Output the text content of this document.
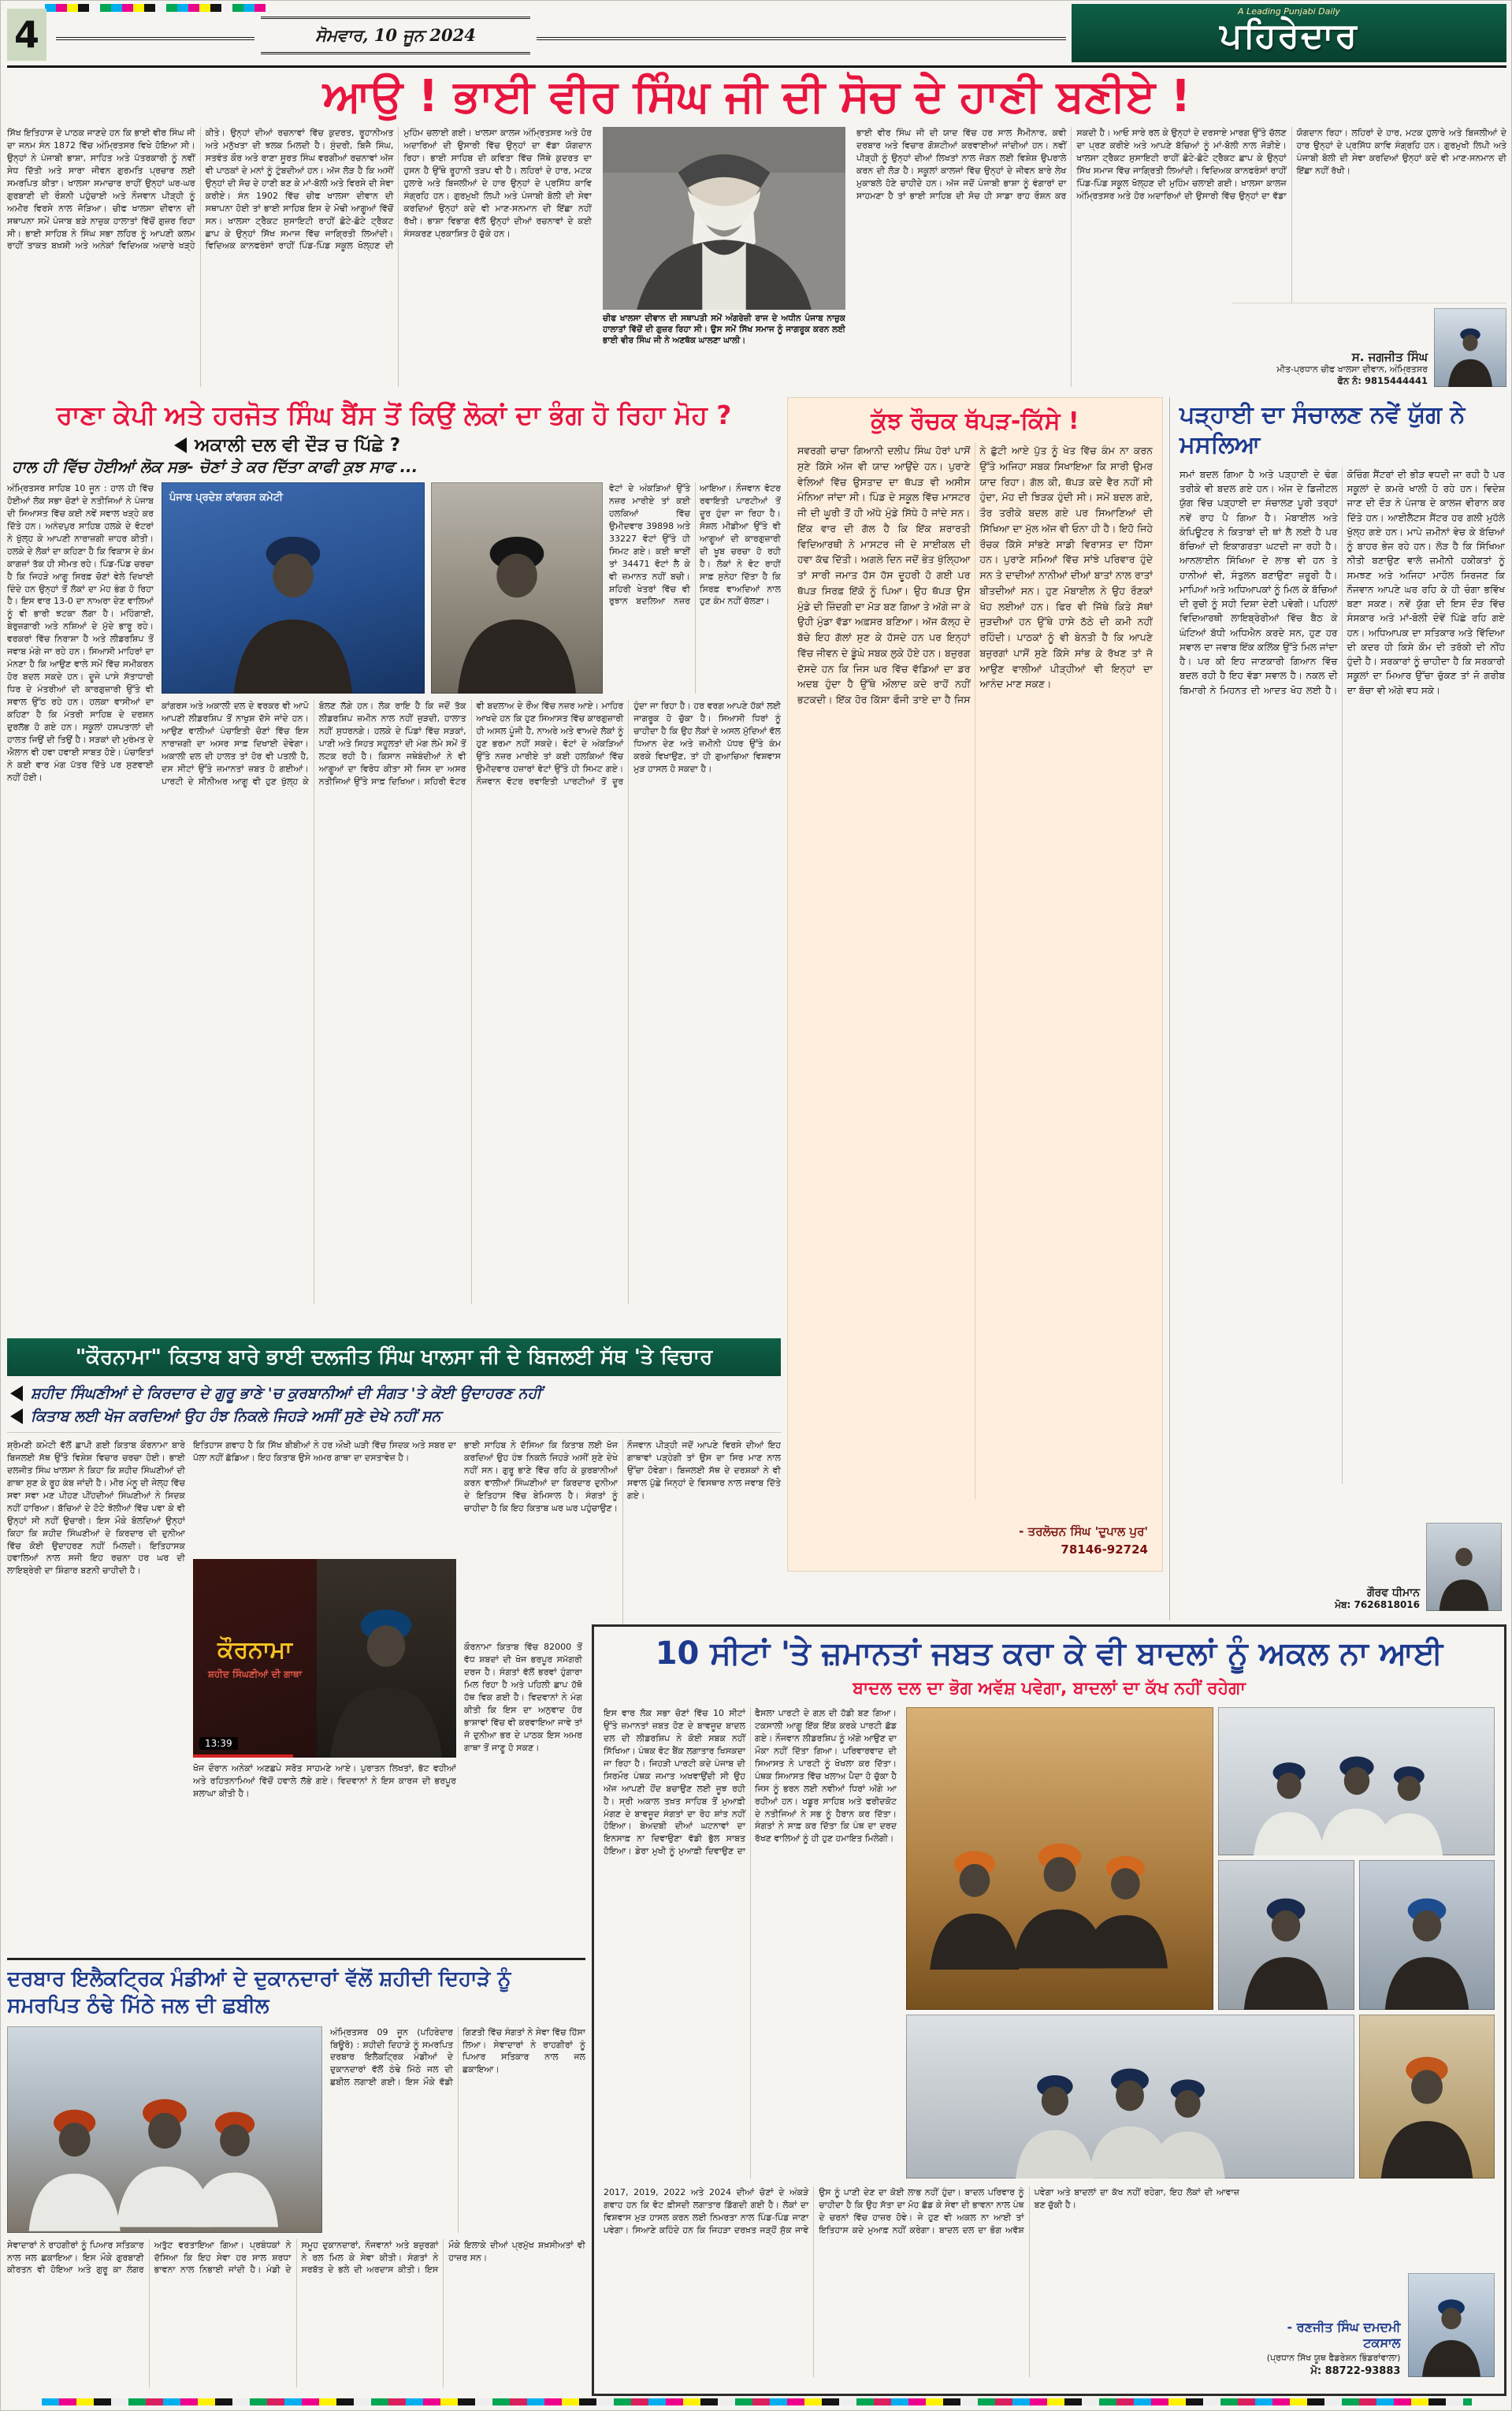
4	ਸੋਮਵਾਰ, 10 ਜੂਨ 2024
A Leading Punjabi Daily
ਪਹਿਰੇਦਾਰ
ਆਉ ! ਭਾਈ ਵੀਰ ਸਿੰਘ ਜੀ ਦੀ ਸੋਚ ਦੇ ਹਾਣੀ ਬਣੀਏ !
ਸਿੱਖ ਇਤਿਹਾਸ ਦੇ ਪਾਠਕ ਜਾਣਦੇ ਹਨ ਕਿ ਭਾਈ ਵੀਰ ਸਿੰਘ ਜੀ ਦਾ ਜਨਮ ਸੰਨ 1872 ਵਿੱਚ ਅੰਮ੍ਰਿਤਸਰ ਵਿਖੇ ਹੋਇਆ ਸੀ। ਉਨ੍ਹਾਂ ਨੇ ਪੰਜਾਬੀ ਭਾਸ਼ਾ, ਸਾਹਿਤ ਅਤੇ ਪੱਤਰਕਾਰੀ ਨੂੰ ਨਵੀਂ ਸੇਧ ਦਿੱਤੀ ਅਤੇ ਸਾਰਾ ਜੀਵਨ ਗੁਰਮਤਿ ਪ੍ਰਚਾਰ ਲਈ ਸਮਰਪਿਤ ਕੀਤਾ। ਖਾਲਸਾ ਸਮਾਚਾਰ ਰਾਹੀਂ ਉਨ੍ਹਾਂ ਘਰ-ਘਰ ਗੁਰਬਾਣੀ ਦੀ ਰੌਸ਼ਨੀ ਪਹੁੰਚਾਈ ਅਤੇ ਨੌਜਵਾਨ ਪੀੜ੍ਹੀ ਨੂੰ ਅਮੀਰ ਵਿਰਸੇ ਨਾਲ ਜੋੜਿਆ। ਚੀਫ ਖਾਲਸਾ ਦੀਵਾਨ ਦੀ ਸਥਾਪਨਾ ਸਮੇਂ ਪੰਜਾਬ ਬੜੇ ਨਾਜ਼ੁਕ ਹਾਲਾਤਾਂ ਵਿੱਚੋਂ ਗੁਜ਼ਰ ਰਿਹਾ ਸੀ। ਭਾਈ ਸਾਹਿਬ ਨੇ ਸਿੰਘ ਸਭਾ ਲਹਿਰ ਨੂੰ ਆਪਣੀ ਕਲਮ ਰਾਹੀਂ ਤਾਕਤ ਬਖ਼ਸ਼ੀ ਅਤੇ ਅਨੇਕਾਂ ਵਿਦਿਅਕ ਅਦਾਰੇ ਖੜ੍ਹੇ ਕੀਤੇ। ਉਨ੍ਹਾਂ ਦੀਆਂ ਰਚਨਾਵਾਂ ਵਿੱਚ ਕੁਦਰਤ, ਰੂਹਾਨੀਅਤ ਅਤੇ ਮਨੁੱਖਤਾ ਦੀ ਝਲਕ ਮਿਲਦੀ ਹੈ। ਸੁੰਦਰੀ, ਬਿਜੈ ਸਿੰਘ, ਸਤਵੰਤ ਕੌਰ ਅਤੇ ਰਾਣਾ ਸੂਰਤ ਸਿੰਘ ਵਰਗੀਆਂ ਰਚਨਾਵਾਂ ਅੱਜ ਵੀ ਪਾਠਕਾਂ ਦੇ ਮਨਾਂ ਨੂੰ ਟੁੰਬਦੀਆਂ ਹਨ। ਅੱਜ ਲੋੜ ਹੈ ਕਿ ਅਸੀਂ ਉਨ੍ਹਾਂ ਦੀ ਸੋਚ ਦੇ ਹਾਣੀ ਬਣ ਕੇ ਮਾਂ-ਬੋਲੀ ਅਤੇ ਵਿਰਸੇ ਦੀ ਸੇਵਾ ਕਰੀਏ। ਸੰਨ 1902 ਵਿੱਚ ਚੀਫ ਖਾਲਸਾ ਦੀਵਾਨ ਦੀ ਸਥਾਪਨਾ ਹੋਈ ਤਾਂ ਭਾਈ ਸਾਹਿਬ ਇਸ ਦੇ ਮੋਢੀ ਆਗੂਆਂ ਵਿੱਚੋਂ ਸਨ। ਖਾਲਸਾ ਟ੍ਰੈਕਟ ਸੁਸਾਇਟੀ ਰਾਹੀਂ ਛੋਟੇ-ਛੋਟੇ ਟ੍ਰੈਕਟ ਛਾਪ ਕੇ ਉਨ੍ਹਾਂ ਸਿੱਖ ਸਮਾਜ ਵਿੱਚ ਜਾਗ੍ਰਿਤੀ ਲਿਆਂਦੀ। ਵਿਦਿਅਕ ਕਾਨਫਰੰਸਾਂ ਰਾਹੀਂ ਪਿੰਡ-ਪਿੰਡ ਸਕੂਲ ਖੋਲ੍ਹਣ ਦੀ ਮੁਹਿੰਮ ਚਲਾਈ ਗਈ। ਖਾਲਸਾ ਕਾਲਜ ਅੰਮ੍ਰਿਤਸਰ ਅਤੇ ਹੋਰ ਅਦਾਰਿਆਂ ਦੀ ਉਸਾਰੀ ਵਿੱਚ ਉਨ੍ਹਾਂ ਦਾ ਵੱਡਾ ਯੋਗਦਾਨ ਰਿਹਾ। ਭਾਈ ਸਾਹਿਬ ਦੀ ਕਵਿਤਾ ਵਿੱਚ ਜਿੱਥੇ ਕੁਦਰਤ ਦਾ ਹੁਸਨ ਹੈ ਉੱਥੇ ਰੂਹਾਨੀ ਤੜਪ ਵੀ ਹੈ। ਲਹਿਰਾਂ ਦੇ ਹਾਰ, ਮਟਕ ਹੁਲਾਰੇ ਅਤੇ ਬਿਜਲੀਆਂ ਦੇ ਹਾਰ ਉਨ੍ਹਾਂ ਦੇ ਪ੍ਰਸਿੱਧ ਕਾਵਿ ਸੰਗ੍ਰਹਿ ਹਨ। ਗੁਰਮੁਖੀ ਲਿਪੀ ਅਤੇ ਪੰਜਾਬੀ ਬੋਲੀ ਦੀ ਸੇਵਾ ਕਰਦਿਆਂ ਉਨ੍ਹਾਂ ਕਦੇ ਵੀ ਮਾਣ-ਸਨਮਾਨ ਦੀ ਇੱਛਾ ਨਹੀਂ ਰੱਖੀ। ਭਾਸ਼ਾ ਵਿਭਾਗ ਵੱਲੋਂ ਉਨ੍ਹਾਂ ਦੀਆਂ ਰਚਨਾਵਾਂ ਦੇ ਕਈ ਸੰਸਕਰਣ ਪ੍ਰਕਾਸ਼ਿਤ ਹੋ ਚੁੱਕੇ ਹਨ।
ਚੀਫ ਖਾਲਸਾ ਦੀਵਾਨ ਦੀ ਸਥਾਪਤੀ ਸਮੇਂ ਅੰਗਰੇਜ਼ੀ ਰਾਜ ਦੇ ਅਧੀਨ ਪੰਜਾਬ ਨਾਜ਼ੁਕ ਹਾਲਾਤਾਂ ਵਿੱਚੋਂ ਦੀ ਗੁਜ਼ਰ ਰਿਹਾ ਸੀ। ਉਸ ਸਮੇਂ ਸਿੱਖ ਸਮਾਜ ਨੂੰ ਜਾਗਰੂਕ ਕਰਨ ਲਈ ਭਾਈ ਵੀਰ ਸਿੰਘ ਜੀ ਨੇ ਅਣਥੱਕ ਘਾਲਣਾ ਘਾਲੀ।
ਭਾਈ ਵੀਰ ਸਿੰਘ ਜੀ ਦੀ ਯਾਦ ਵਿੱਚ ਹਰ ਸਾਲ ਸੈਮੀਨਾਰ, ਕਵੀ ਦਰਬਾਰ ਅਤੇ ਵਿਚਾਰ ਗੋਸ਼ਟੀਆਂ ਕਰਵਾਈਆਂ ਜਾਂਦੀਆਂ ਹਨ। ਨਵੀਂ ਪੀੜ੍ਹੀ ਨੂੰ ਉਨ੍ਹਾਂ ਦੀਆਂ ਲਿਖਤਾਂ ਨਾਲ ਜੋੜਨ ਲਈ ਵਿਸ਼ੇਸ਼ ਉਪਰਾਲੇ ਕਰਨ ਦੀ ਲੋੜ ਹੈ। ਸਕੂਲਾਂ ਕਾਲਜਾਂ ਵਿੱਚ ਉਨ੍ਹਾਂ ਦੇ ਜੀਵਨ ਬਾਰੇ ਲੇਖ ਮੁਕਾਬਲੇ ਹੋਣੇ ਚਾਹੀਦੇ ਹਨ। ਅੱਜ ਜਦੋਂ ਪੰਜਾਬੀ ਭਾਸ਼ਾ ਨੂੰ ਵੰਗਾਰਾਂ ਦਾ ਸਾਹਮਣਾ ਹੈ ਤਾਂ ਭਾਈ ਸਾਹਿਬ ਦੀ ਸੋਚ ਹੀ ਸਾਡਾ ਰਾਹ ਰੌਸ਼ਨ ਕਰ ਸਕਦੀ ਹੈ। ਆਓ ਸਾਰੇ ਰਲ ਕੇ ਉਨ੍ਹਾਂ ਦੇ ਦਰਸਾਏ ਮਾਰਗ ਉੱਤੇ ਚੱਲਣ ਦਾ ਪ੍ਰਣ ਕਰੀਏ ਅਤੇ ਆਪਣੇ ਬੱਚਿਆਂ ਨੂੰ ਮਾਂ-ਬੋਲੀ ਨਾਲ ਜੋੜੀਏ। ਖਾਲਸਾ ਟ੍ਰੈਕਟ ਸੁਸਾਇਟੀ ਰਾਹੀਂ ਛੋਟੇ-ਛੋਟੇ ਟ੍ਰੈਕਟ ਛਾਪ ਕੇ ਉਨ੍ਹਾਂ ਸਿੱਖ ਸਮਾਜ ਵਿੱਚ ਜਾਗ੍ਰਿਤੀ ਲਿਆਂਦੀ। ਵਿਦਿਅਕ ਕਾਨਫਰੰਸਾਂ ਰਾਹੀਂ ਪਿੰਡ-ਪਿੰਡ ਸਕੂਲ ਖੋਲ੍ਹਣ ਦੀ ਮੁਹਿੰਮ ਚਲਾਈ ਗਈ। ਖਾਲਸਾ ਕਾਲਜ ਅੰਮ੍ਰਿਤਸਰ ਅਤੇ ਹੋਰ ਅਦਾਰਿਆਂ ਦੀ ਉਸਾਰੀ ਵਿੱਚ ਉਨ੍ਹਾਂ ਦਾ ਵੱਡਾ ਯੋਗਦਾਨ ਰਿਹਾ। ਲਹਿਰਾਂ ਦੇ ਹਾਰ, ਮਟਕ ਹੁਲਾਰੇ ਅਤੇ ਬਿਜਲੀਆਂ ਦੇ ਹਾਰ ਉਨ੍ਹਾਂ ਦੇ ਪ੍ਰਸਿੱਧ ਕਾਵਿ ਸੰਗ੍ਰਹਿ ਹਨ। ਗੁਰਮੁਖੀ ਲਿਪੀ ਅਤੇ ਪੰਜਾਬੀ ਬੋਲੀ ਦੀ ਸੇਵਾ ਕਰਦਿਆਂ ਉਨ੍ਹਾਂ ਕਦੇ ਵੀ ਮਾਣ-ਸਨਮਾਨ ਦੀ ਇੱਛਾ ਨਹੀਂ ਰੱਖੀ।
ਸ. ਜਗਜੀਤ ਸਿੰਘ
ਮੀਤ-ਪ੍ਰਧਾਨ ਚੀਫ ਖਾਲਸਾ ਦੀਵਾਨ, ਅੰਮ੍ਰਿਤਸਰ
ਫੋਨ ਨੰ: 9815444441
ਰਾਣਾ ਕੇਪੀ ਅਤੇ ਹਰਜੋਤ ਸਿੰਘ ਬੈਂਸ ਤੋਂ ਕਿਉਂ ਲੋਕਾਂ ਦਾ ਭੰਗ ਹੋ ਰਿਹਾ ਮੋਹ ?
ਅਕਾਲੀ ਦਲ ਵੀ ਦੌੜ ਚ ਪਿੱਛੇ ?
ਹਾਲ ਹੀ ਵਿੱਚ ਹੋਈਆਂ ਲੋਕ ਸਭ- ਚੋਣਾਂ ਤੇ ਕਰ ਦਿੱਤਾ ਕਾਫੀ ਕੁਝ ਸਾਫ ...
ਅੰਮ੍ਰਿਤਸਰ ਸਾਹਿਬ 10 ਜੂਨ : ਹਾਲ ਹੀ ਵਿੱਚ ਹੋਈਆਂ ਲੋਕ ਸਭਾ ਚੋਣਾਂ ਦੇ ਨਤੀਜਿਆਂ ਨੇ ਪੰਜਾਬ ਦੀ ਸਿਆਸਤ ਵਿੱਚ ਕਈ ਨਵੇਂ ਸਵਾਲ ਖੜ੍ਹੇ ਕਰ ਦਿੱਤੇ ਹਨ। ਅਨੰਦਪੁਰ ਸਾਹਿਬ ਹਲਕੇ ਦੇ ਵੋਟਰਾਂ ਨੇ ਖੁੱਲ੍ਹ ਕੇ ਆਪਣੀ ਨਾਰਾਜ਼ਗੀ ਜ਼ਾਹਰ ਕੀਤੀ। ਹਲਕੇ ਦੇ ਲੋਕਾਂ ਦਾ ਕਹਿਣਾ ਹੈ ਕਿ ਵਿਕਾਸ ਦੇ ਕੰਮ ਕਾਗਜ਼ਾਂ ਤੱਕ ਹੀ ਸੀਮਤ ਰਹੇ। ਪਿੰਡ-ਪਿੰਡ ਚਰਚਾ ਹੈ ਕਿ ਜਿਹੜੇ ਆਗੂ ਸਿਰਫ਼ ਚੋਣਾਂ ਵੇਲੇ ਦਿਖਾਈ ਦਿੰਦੇ ਹਨ ਉਨ੍ਹਾਂ ਤੋਂ ਲੋਕਾਂ ਦਾ ਮੋਹ ਭੰਗ ਹੋ ਰਿਹਾ ਹੈ। ਇਸ ਵਾਰ 13-0 ਦਾ ਨਾਅਰਾ ਦੇਣ ਵਾਲਿਆਂ ਨੂੰ ਵੀ ਭਾਰੀ ਝਟਕਾ ਲੱਗਾ ਹੈ। ਮਹਿੰਗਾਈ, ਬੇਰੁਜ਼ਗਾਰੀ ਅਤੇ ਨਸ਼ਿਆਂ ਦੇ ਮੁੱਦੇ ਭਾਰੂ ਰਹੇ। ਵਰਕਰਾਂ ਵਿੱਚ ਨਿਰਾਸ਼ਾ ਹੈ ਅਤੇ ਲੀਡਰਸ਼ਿਪ ਤੋਂ ਜਵਾਬ ਮੰਗੇ ਜਾ ਰਹੇ ਹਨ। ਸਿਆਸੀ ਮਾਹਿਰਾਂ ਦਾ ਮੰਨਣਾ ਹੈ ਕਿ ਆਉਣ ਵਾਲੇ ਸਮੇਂ ਵਿੱਚ ਸਮੀਕਰਨ ਹੋਰ ਬਦਲ ਸਕਦੇ ਹਨ। ਦੂਜੇ ਪਾਸੇ ਸੱਤਾਧਾਰੀ ਧਿਰ ਦੇ ਮੰਤਰੀਆਂ ਦੀ ਕਾਰਗੁਜ਼ਾਰੀ ਉੱਤੇ ਵੀ ਸਵਾਲ ਉੱਠ ਰਹੇ ਹਨ। ਹਲਕਾ ਵਾਸੀਆਂ ਦਾ ਕਹਿਣਾ ਹੈ ਕਿ ਮੰਤਰੀ ਸਾਹਿਬ ਦੇ ਦਰਸ਼ਨ ਦੁਰਲੱਭ ਹੋ ਗਏ ਹਨ। ਸਕੂਲਾਂ ਹਸਪਤਾਲਾਂ ਦੀ ਹਾਲਤ ਜਿਉਂ ਦੀ ਤਿਉਂ ਹੈ। ਸੜਕਾਂ ਦੀ ਮੁਰੰਮਤ ਦੇ ਐਲਾਨ ਵੀ ਹਵਾ ਹਵਾਈ ਸਾਬਤ ਹੋਏ। ਪੰਚਾਇਤਾਂ ਨੇ ਕਈ ਵਾਰ ਮੰਗ ਪੱਤਰ ਦਿੱਤੇ ਪਰ ਸੁਣਵਾਈ ਨਹੀਂ ਹੋਈ।
ਪੰਜਾਬ ਪ੍ਰਦੇਸ਼ ਕਾਂਗਰਸ ਕਮੇਟੀ
ਵੋਟਾਂ ਦੇ ਅੰਕੜਿਆਂ ਉੱਤੇ ਨਜ਼ਰ ਮਾਰੀਏ ਤਾਂ ਕਈ ਹਲਕਿਆਂ ਵਿੱਚ ਉਮੀਦਵਾਰ 39898 ਅਤੇ 33227 ਵੋਟਾਂ ਉੱਤੇ ਹੀ ਸਿਮਟ ਗਏ। ਕਈ ਥਾਈਂ ਤਾਂ 34471 ਵੋਟਾਂ ਲੈ ਕੇ ਵੀ ਜ਼ਮਾਨਤ ਨਹੀਂ ਬਚੀ। ਸ਼ਹਿਰੀ ਖੇਤਰਾਂ ਵਿੱਚ ਵੀ ਰੁਝਾਨ ਬਦਲਿਆ ਨਜ਼ਰ ਆਇਆ। ਨੌਜਵਾਨ ਵੋਟਰ ਰਵਾਇਤੀ ਪਾਰਟੀਆਂ ਤੋਂ ਦੂਰ ਹੁੰਦਾ ਜਾ ਰਿਹਾ ਹੈ। ਸੋਸ਼ਲ ਮੀਡੀਆ ਉੱਤੇ ਵੀ ਆਗੂਆਂ ਦੀ ਕਾਰਗੁਜ਼ਾਰੀ ਦੀ ਖੂਬ ਚਰਚਾ ਹੋ ਰਹੀ ਹੈ। ਲੋਕਾਂ ਨੇ ਵੋਟ ਰਾਹੀਂ ਸਾਫ਼ ਸੁਨੇਹਾ ਦਿੱਤਾ ਹੈ ਕਿ ਸਿਰਫ਼ ਵਾਅਦਿਆਂ ਨਾਲ ਹੁਣ ਕੰਮ ਨਹੀਂ ਚੱਲਣਾ।
ਕਾਂਗਰਸ ਅਤੇ ਅਕਾਲੀ ਦਲ ਦੇ ਵਰਕਰ ਵੀ ਆਪੋ ਆਪਣੀ ਲੀਡਰਸ਼ਿਪ ਤੋਂ ਨਾਖੁਸ਼ ਦੱਸੇ ਜਾਂਦੇ ਹਨ। ਆਉਣ ਵਾਲੀਆਂ ਪੰਚਾਇਤੀ ਚੋਣਾਂ ਵਿੱਚ ਇਸ ਨਾਰਾਜ਼ਗੀ ਦਾ ਅਸਰ ਸਾਫ਼ ਦਿਖਾਈ ਦੇਵੇਗਾ। ਅਕਾਲੀ ਦਲ ਦੀ ਹਾਲਤ ਤਾਂ ਹੋਰ ਵੀ ਪਤਲੀ ਹੈ, ਦਸ ਸੀਟਾਂ ਉੱਤੇ ਜ਼ਮਾਨਤਾਂ ਜ਼ਬਤ ਹੋ ਗਈਆਂ। ਪਾਰਟੀ ਦੇ ਸੀਨੀਅਰ ਆਗੂ ਵੀ ਹੁਣ ਖੁੱਲ੍ਹ ਕੇ ਬੋਲਣ ਲੱਗੇ ਹਨ। ਲੋਕ ਰਾਇ ਹੈ ਕਿ ਜਦੋਂ ਤੱਕ ਲੀਡਰਸ਼ਿਪ ਜ਼ਮੀਨ ਨਾਲ ਨਹੀਂ ਜੁੜਦੀ, ਹਾਲਾਤ ਨਹੀਂ ਸੁਧਰਨਗੇ। ਹਲਕੇ ਦੇ ਪਿੰਡਾਂ ਵਿੱਚ ਸੜਕਾਂ, ਪਾਣੀ ਅਤੇ ਸਿਹਤ ਸਹੂਲਤਾਂ ਦੀ ਮੰਗ ਲੰਮੇ ਸਮੇਂ ਤੋਂ ਲਟਕ ਰਹੀ ਹੈ। ਕਿਸਾਨ ਜਥੇਬੰਦੀਆਂ ਨੇ ਵੀ ਆਗੂਆਂ ਦਾ ਵਿਰੋਧ ਕੀਤਾ ਸੀ ਜਿਸ ਦਾ ਅਸਰ ਨਤੀਜਿਆਂ ਉੱਤੇ ਸਾਫ਼ ਦਿਖਿਆ। ਸ਼ਹਿਰੀ ਵੋਟਰ ਵੀ ਬਦਲਾਅ ਦੇ ਰੌਂਅ ਵਿੱਚ ਨਜ਼ਰ ਆਏ। ਮਾਹਿਰ ਆਖਦੇ ਹਨ ਕਿ ਹੁਣ ਸਿਆਸਤ ਵਿੱਚ ਕਾਰਗੁਜ਼ਾਰੀ ਹੀ ਅਸਲ ਪੂੰਜੀ ਹੈ, ਨਾਅਰੇ ਅਤੇ ਵਾਅਦੇ ਲੋਕਾਂ ਨੂੰ ਹੁਣ ਭਰਮਾ ਨਹੀਂ ਸਕਦੇ। ਵੋਟਾਂ ਦੇ ਅੰਕੜਿਆਂ ਉੱਤੇ ਨਜ਼ਰ ਮਾਰੀਏ ਤਾਂ ਕਈ ਹਲਕਿਆਂ ਵਿੱਚ ਉਮੀਦਵਾਰ ਹਜ਼ਾਰਾਂ ਵੋਟਾਂ ਉੱਤੇ ਹੀ ਸਿਮਟ ਗਏ। ਨੌਜਵਾਨ ਵੋਟਰ ਰਵਾਇਤੀ ਪਾਰਟੀਆਂ ਤੋਂ ਦੂਰ ਹੁੰਦਾ ਜਾ ਰਿਹਾ ਹੈ। ਹਰ ਵਰਗ ਆਪਣੇ ਹੱਕਾਂ ਲਈ ਜਾਗਰੂਕ ਹੋ ਚੁੱਕਾ ਹੈ। ਸਿਆਸੀ ਧਿਰਾਂ ਨੂੰ ਚਾਹੀਦਾ ਹੈ ਕਿ ਉਹ ਲੋਕਾਂ ਦੇ ਅਸਲ ਮੁੱਦਿਆਂ ਵੱਲ ਧਿਆਨ ਦੇਣ ਅਤੇ ਜ਼ਮੀਨੀ ਪੱਧਰ ਉੱਤੇ ਕੰਮ ਕਰਕੇ ਵਿਖਾਉਣ, ਤਾਂ ਹੀ ਗੁਆਚਿਆ ਵਿਸ਼ਵਾਸ ਮੁੜ ਹਾਸਲ ਹੋ ਸਕਦਾ ਹੈ।
ਕੁੱਝ ਰੌਚਕ ਥੱਪੜ-ਕਿੱਸੇ !
ਸਵਰਗੀ ਚਾਚਾ ਗਿਆਨੀ ਦਲੀਪ ਸਿੰਘ ਹੋਰਾਂ ਪਾਸੋਂ ਸੁਣੇ ਕਿੱਸੇ ਅੱਜ ਵੀ ਯਾਦ ਆਉਂਦੇ ਹਨ। ਪੁਰਾਣੇ ਵੇਲਿਆਂ ਵਿੱਚ ਉਸਤਾਦ ਦਾ ਥੱਪੜ ਵੀ ਅਸੀਸ ਮੰਨਿਆ ਜਾਂਦਾ ਸੀ। ਪਿੰਡ ਦੇ ਸਕੂਲ ਵਿੱਚ ਮਾਸਟਰ ਜੀ ਦੀ ਘੂਰੀ ਤੋਂ ਹੀ ਅੱਧੇ ਮੁੰਡੇ ਸਿੱਧੇ ਹੋ ਜਾਂਦੇ ਸਨ। ਇੱਕ ਵਾਰ ਦੀ ਗੱਲ ਹੈ ਕਿ ਇੱਕ ਸ਼ਰਾਰਤੀ ਵਿਦਿਆਰਥੀ ਨੇ ਮਾਸਟਰ ਜੀ ਦੇ ਸਾਈਕਲ ਦੀ ਹਵਾ ਕੱਢ ਦਿੱਤੀ। ਅਗਲੇ ਦਿਨ ਜਦੋਂ ਭੇਤ ਖੁੱਲ੍ਹਿਆ ਤਾਂ ਸਾਰੀ ਜਮਾਤ ਹੱਸ ਹੱਸ ਦੂਹਰੀ ਹੋ ਗਈ ਪਰ ਥੱਪੜ ਸਿਰਫ਼ ਇੱਕੋ ਨੂੰ ਪਿਆ। ਉਹ ਥੱਪੜ ਉਸ ਮੁੰਡੇ ਦੀ ਜ਼ਿੰਦਗੀ ਦਾ ਮੋੜ ਬਣ ਗਿਆ ਤੇ ਅੱਗੇ ਜਾ ਕੇ ਉਹੀ ਮੁੰਡਾ ਵੱਡਾ ਅਫ਼ਸਰ ਬਣਿਆ। ਅੱਜ ਕੱਲ੍ਹ ਦੇ ਬੱਚੇ ਇਹ ਗੱਲਾਂ ਸੁਣ ਕੇ ਹੱਸਦੇ ਹਨ ਪਰ ਇਨ੍ਹਾਂ ਵਿੱਚ ਜੀਵਨ ਦੇ ਡੂੰਘੇ ਸਬਕ ਲੁਕੇ ਹੋਏ ਹਨ। ਬਜ਼ੁਰਗ ਦੱਸਦੇ ਹਨ ਕਿ ਜਿਸ ਘਰ ਵਿੱਚ ਵੱਡਿਆਂ ਦਾ ਡਰ ਅਦਬ ਹੁੰਦਾ ਹੈ ਉੱਥੇ ਔਲਾਦ ਕਦੇ ਰਾਹੋਂ ਨਹੀਂ ਭਟਕਦੀ। ਇੱਕ ਹੋਰ ਕਿੱਸਾ ਫੌਜੀ ਤਾਏ ਦਾ ਹੈ ਜਿਸ ਨੇ ਛੁੱਟੀ ਆਏ ਪੁੱਤ ਨੂੰ ਖੇਤ ਵਿੱਚ ਕੰਮ ਨਾ ਕਰਨ ਉੱਤੇ ਅਜਿਹਾ ਸਬਕ ਸਿਖਾਇਆ ਕਿ ਸਾਰੀ ਉਮਰ ਯਾਦ ਰਿਹਾ। ਗੱਲ ਕੀ, ਥੱਪੜ ਕਦੇ ਵੈਰ ਨਹੀਂ ਸੀ ਹੁੰਦਾ, ਮੋਹ ਦੀ ਝਿੜਕ ਹੁੰਦੀ ਸੀ। ਸਮੇਂ ਬਦਲ ਗਏ, ਤੌਰ ਤਰੀਕੇ ਬਦਲ ਗਏ ਪਰ ਸਿਆਣਿਆਂ ਦੀ ਸਿੱਖਿਆ ਦਾ ਮੁੱਲ ਅੱਜ ਵੀ ਓਨਾ ਹੀ ਹੈ। ਇਹੋ ਜਿਹੇ ਰੌਚਕ ਕਿੱਸੇ ਸਾਂਭਣੇ ਸਾਡੀ ਵਿਰਾਸਤ ਦਾ ਹਿੱਸਾ ਹਨ। ਪੁਰਾਣੇ ਸਮਿਆਂ ਵਿੱਚ ਸਾਂਝੇ ਪਰਿਵਾਰ ਹੁੰਦੇ ਸਨ ਤੇ ਦਾਦੀਆਂ ਨਾਨੀਆਂ ਦੀਆਂ ਬਾਤਾਂ ਨਾਲ ਰਾਤਾਂ ਬੀਤਦੀਆਂ ਸਨ। ਹੁਣ ਮੋਬਾਈਲ ਨੇ ਉਹ ਰੌਣਕਾਂ ਖੋਹ ਲਈਆਂ ਹਨ। ਫਿਰ ਵੀ ਜਿੱਥੇ ਕਿਤੇ ਸੱਥਾਂ ਜੁੜਦੀਆਂ ਹਨ ਉੱਥੇ ਹਾਸੇ ਠੱਠੇ ਦੀ ਕਮੀ ਨਹੀਂ ਰਹਿੰਦੀ। ਪਾਠਕਾਂ ਨੂੰ ਵੀ ਬੇਨਤੀ ਹੈ ਕਿ ਆਪਣੇ ਬਜ਼ੁਰਗਾਂ ਪਾਸੋਂ ਸੁਣੇ ਕਿੱਸੇ ਸਾਂਭ ਕੇ ਰੱਖਣ ਤਾਂ ਜੋ ਆਉਣ ਵਾਲੀਆਂ ਪੀੜ੍ਹੀਆਂ ਵੀ ਇਨ੍ਹਾਂ ਦਾ ਆਨੰਦ ਮਾਣ ਸਕਣ।
- ਤਰਲੋਚਨ ਸਿੰਘ 'ਦੁਪਾਲ ਪੁਰ'
78146-92724
ਪੜ੍ਹਾਈ ਦਾ ਸੰਚਾਲਣ ਨਵੇਂ ਯੁੱਗ ਨੇ ਮਸਲਿਆ
ਸਮਾਂ ਬਦਲ ਗਿਆ ਹੈ ਅਤੇ ਪੜ੍ਹਾਈ ਦੇ ਢੰਗ ਤਰੀਕੇ ਵੀ ਬਦਲ ਗਏ ਹਨ। ਅੱਜ ਦੇ ਡਿਜੀਟਲ ਯੁੱਗ ਵਿੱਚ ਪੜ੍ਹਾਈ ਦਾ ਸੰਚਾਲਣ ਪੂਰੀ ਤਰ੍ਹਾਂ ਨਵੇਂ ਰਾਹ ਪੈ ਗਿਆ ਹੈ। ਮੋਬਾਈਲ ਅਤੇ ਕੰਪਿਊਟਰ ਨੇ ਕਿਤਾਬਾਂ ਦੀ ਥਾਂ ਲੈ ਲਈ ਹੈ ਪਰ ਬੱਚਿਆਂ ਦੀ ਇਕਾਗਰਤਾ ਘਟਦੀ ਜਾ ਰਹੀ ਹੈ। ਆਨਲਾਈਨ ਸਿੱਖਿਆ ਦੇ ਲਾਭ ਵੀ ਹਨ ਤੇ ਹਾਨੀਆਂ ਵੀ, ਸੰਤੁਲਨ ਬਣਾਉਣਾ ਜ਼ਰੂਰੀ ਹੈ। ਮਾਪਿਆਂ ਅਤੇ ਅਧਿਆਪਕਾਂ ਨੂੰ ਮਿਲ ਕੇ ਬੱਚਿਆਂ ਦੀ ਰੁਚੀ ਨੂੰ ਸਹੀ ਦਿਸ਼ਾ ਦੇਣੀ ਪਵੇਗੀ। ਪਹਿਲਾਂ ਵਿਦਿਆਰਥੀ ਲਾਇਬ੍ਰੇਰੀਆਂ ਵਿੱਚ ਬੈਠ ਕੇ ਘੰਟਿਆਂ ਬੱਧੀ ਅਧਿਐਨ ਕਰਦੇ ਸਨ, ਹੁਣ ਹਰ ਸਵਾਲ ਦਾ ਜਵਾਬ ਇੱਕ ਕਲਿੱਕ ਉੱਤੇ ਮਿਲ ਜਾਂਦਾ ਹੈ। ਪਰ ਕੀ ਇਹ ਜਾਣਕਾਰੀ ਗਿਆਨ ਵਿੱਚ ਬਦਲ ਰਹੀ ਹੈ ਇਹ ਵੱਡਾ ਸਵਾਲ ਹੈ। ਨਕਲ ਦੀ ਬਿਮਾਰੀ ਨੇ ਮਿਹਨਤ ਦੀ ਆਦਤ ਖੋਹ ਲਈ ਹੈ। ਕੋਚਿੰਗ ਸੈਂਟਰਾਂ ਦੀ ਭੀੜ ਵਧਦੀ ਜਾ ਰਹੀ ਹੈ ਪਰ ਸਕੂਲਾਂ ਦੇ ਕਮਰੇ ਖਾਲੀ ਹੋ ਰਹੇ ਹਨ। ਵਿਦੇਸ਼ ਜਾਣ ਦੀ ਦੌੜ ਨੇ ਪੰਜਾਬ ਦੇ ਕਾਲਜ ਵੀਰਾਨ ਕਰ ਦਿੱਤੇ ਹਨ। ਆਈਲੈਟਸ ਸੈਂਟਰ ਹਰ ਗਲੀ ਮੁਹੱਲੇ ਖੁੱਲ੍ਹ ਗਏ ਹਨ। ਮਾਪੇ ਜ਼ਮੀਨਾਂ ਵੇਚ ਕੇ ਬੱਚਿਆਂ ਨੂੰ ਬਾਹਰ ਭੇਜ ਰਹੇ ਹਨ। ਲੋੜ ਹੈ ਕਿ ਸਿੱਖਿਆ ਨੀਤੀ ਬਣਾਉਣ ਵਾਲੇ ਜ਼ਮੀਨੀ ਹਕੀਕਤਾਂ ਨੂੰ ਸਮਝਣ ਅਤੇ ਅਜਿਹਾ ਮਾਹੌਲ ਸਿਰਜਣ ਕਿ ਨੌਜਵਾਨ ਆਪਣੇ ਘਰ ਰਹਿ ਕੇ ਹੀ ਚੰਗਾ ਭਵਿੱਖ ਬਣਾ ਸਕਣ। ਨਵੇਂ ਯੁੱਗ ਦੀ ਇਸ ਦੌੜ ਵਿੱਚ ਸੰਸਕਾਰ ਅਤੇ ਮਾਂ-ਬੋਲੀ ਦੋਵੇਂ ਪਿੱਛੇ ਰਹਿ ਗਏ ਹਨ। ਅਧਿਆਪਕ ਦਾ ਸਤਿਕਾਰ ਅਤੇ ਵਿੱਦਿਆ ਦੀ ਕਦਰ ਹੀ ਕਿਸੇ ਕੌਮ ਦੀ ਤਰੱਕੀ ਦੀ ਨੀਂਹ ਹੁੰਦੀ ਹੈ। ਸਰਕਾਰਾਂ ਨੂੰ ਚਾਹੀਦਾ ਹੈ ਕਿ ਸਰਕਾਰੀ ਸਕੂਲਾਂ ਦਾ ਮਿਆਰ ਉੱਚਾ ਚੁੱਕਣ ਤਾਂ ਜੋ ਗਰੀਬ ਦਾ ਬੱਚਾ ਵੀ ਅੱਗੇ ਵਧ ਸਕੇ।
ਗੌਰਵ ਧੀਮਾਨ
ਮੋਬ: 7626818016
"ਕੌਰਨਾਮਾ" ਕਿਤਾਬ ਬਾਰੇ ਭਾਈ ਦਲਜੀਤ ਸਿੰਘ ਖਾਲਸਾ ਜੀ ਦੇ ਬਿਜਲਈ ਸੱਥ 'ਤੇ ਵਿਚਾਰ
ਸ਼ਹੀਦ ਸਿੰਘਣੀਆਂ ਦੇ ਕਿਰਦਾਰ ਦੇ ਗੁਰੂ ਭਾਣੇ 'ਚ ਕੁਰਬਾਨੀਆਂ ਦੀ ਸੰਗਤ 'ਤੇ ਕੋਈ ਉਦਾਹਰਣ ਨਹੀਂ
ਕਿਤਾਬ ਲਈ ਖੋਜ ਕਰਦਿਆਂ ਉਹ ਹੰਝ ਨਿਕਲੇ ਜਿਹੜੇ ਅਸੀਂ ਸੁਣੇ ਦੇਖੇ ਨਹੀਂ ਸਨ
ਸ਼੍ਰੋਮਣੀ ਕਮੇਟੀ ਵੱਲੋਂ ਛਾਪੀ ਗਈ ਕਿਤਾਬ ਕੌਰਨਾਮਾ ਬਾਰੇ ਬਿਜਲਈ ਸੱਥ ਉੱਤੇ ਵਿਸ਼ੇਸ਼ ਵਿਚਾਰ ਚਰਚਾ ਹੋਈ। ਭਾਈ ਦਲਜੀਤ ਸਿੰਘ ਖਾਲਸਾ ਨੇ ਕਿਹਾ ਕਿ ਸ਼ਹੀਦ ਸਿੰਘਣੀਆਂ ਦੀ ਗਾਥਾ ਸੁਣ ਕੇ ਰੂਹ ਕੰਬ ਜਾਂਦੀ ਹੈ। ਮੀਰ ਮੰਨੂ ਦੀ ਜੇਲ੍ਹ ਵਿੱਚ ਸਵਾ ਸਵਾ ਮਣ ਪੀਹਣ ਪੀਂਹਦੀਆਂ ਸਿੰਘਣੀਆਂ ਨੇ ਸਿਦਕ ਨਹੀਂ ਹਾਰਿਆ। ਬੱਚਿਆਂ ਦੇ ਟੋਟੇ ਝੋਲੀਆਂ ਵਿੱਚ ਪਵਾ ਕੇ ਵੀ ਉਨ੍ਹਾਂ ਸੀ ਨਹੀਂ ਉਚਾਰੀ। ਇਸ ਮੌਕੇ ਬੋਲਦਿਆਂ ਉਨ੍ਹਾਂ ਕਿਹਾ ਕਿ ਸ਼ਹੀਦ ਸਿੰਘਣੀਆਂ ਦੇ ਕਿਰਦਾਰ ਦੀ ਦੁਨੀਆ ਵਿੱਚ ਕੋਈ ਉਦਾਹਰਣ ਨਹੀਂ ਮਿਲਦੀ। ਇਤਿਹਾਸਕ ਹਵਾਲਿਆਂ ਨਾਲ ਸਜੀ ਇਹ ਰਚਨਾ ਹਰ ਘਰ ਦੀ ਲਾਇਬ੍ਰੇਰੀ ਦਾ ਸ਼ਿੰਗਾਰ ਬਣਨੀ ਚਾਹੀਦੀ ਹੈ।
ਇਤਿਹਾਸ ਗਵਾਹ ਹੈ ਕਿ ਸਿੱਖ ਬੀਬੀਆਂ ਨੇ ਹਰ ਔਖੀ ਘੜੀ ਵਿੱਚ ਸਿਦਕ ਅਤੇ ਸਬਰ ਦਾ ਪੱਲਾ ਨਹੀਂ ਛੱਡਿਆ। ਇਹ ਕਿਤਾਬ ਉਸੇ ਅਮਰ ਗਾਥਾ ਦਾ ਦਸਤਾਵੇਜ਼ ਹੈ।
ਕੌਰਨਾਮਾ
ਸ਼ਹੀਦ ਸਿੰਘਣੀਆਂ ਦੀ ਗਾਥਾ
13:39
ਖੋਜ ਦੌਰਾਨ ਅਨੇਕਾਂ ਅਣਛਪੇ ਸਰੋਤ ਸਾਹਮਣੇ ਆਏ। ਪੁਰਾਤਨ ਲਿਖਤਾਂ, ਭੱਟ ਵਹੀਆਂ ਅਤੇ ਰਹਿਤਨਾਮਿਆਂ ਵਿੱਚੋਂ ਹਵਾਲੇ ਲੱਭੇ ਗਏ। ਵਿਦਵਾਨਾਂ ਨੇ ਇਸ ਕਾਰਜ ਦੀ ਭਰਪੂਰ ਸ਼ਲਾਘਾ ਕੀਤੀ ਹੈ।
ਭਾਈ ਸਾਹਿਬ ਨੇ ਦੱਸਿਆ ਕਿ ਕਿਤਾਬ ਲਈ ਖੋਜ ਕਰਦਿਆਂ ਉਹ ਹੰਝ ਨਿਕਲੇ ਜਿਹੜੇ ਅਸੀਂ ਸੁਣੇ ਦੇਖੇ ਨਹੀਂ ਸਨ। ਗੁਰੂ ਭਾਣੇ ਵਿੱਚ ਰਹਿ ਕੇ ਕੁਰਬਾਨੀਆਂ ਕਰਨ ਵਾਲੀਆਂ ਸਿੰਘਣੀਆਂ ਦਾ ਕਿਰਦਾਰ ਦੁਨੀਆ ਦੇ ਇਤਿਹਾਸ ਵਿੱਚ ਬੇਮਿਸਾਲ ਹੈ। ਸੰਗਤਾਂ ਨੂੰ ਚਾਹੀਦਾ ਹੈ ਕਿ ਇਹ ਕਿਤਾਬ ਘਰ ਘਰ ਪਹੁੰਚਾਉਣ। ਨੌਜਵਾਨ ਪੀੜ੍ਹੀ ਜਦੋਂ ਆਪਣੇ ਵਿਰਸੇ ਦੀਆਂ ਇਹ ਗਾਥਾਵਾਂ ਪੜ੍ਹੇਗੀ ਤਾਂ ਉਸ ਦਾ ਸਿਰ ਮਾਣ ਨਾਲ ਉੱਚਾ ਹੋਵੇਗਾ। ਬਿਜਲਈ ਸੱਥ ਦੇ ਦਰਸ਼ਕਾਂ ਨੇ ਵੀ ਸਵਾਲ ਪੁੱਛੇ ਜਿਨ੍ਹਾਂ ਦੇ ਵਿਸਥਾਰ ਨਾਲ ਜਵਾਬ ਦਿੱਤੇ ਗਏ।
ਕੌਰਨਾਮਾ ਕਿਤਾਬ ਵਿੱਚ 82000 ਤੋਂ ਵੱਧ ਸ਼ਬਦਾਂ ਦੀ ਖੋਜ ਭਰਪੂਰ ਸਮੱਗਰੀ ਦਰਜ ਹੈ। ਸੰਗਤਾਂ ਵੱਲੋਂ ਭਰਵਾਂ ਹੁੰਗਾਰਾ ਮਿਲ ਰਿਹਾ ਹੈ ਅਤੇ ਪਹਿਲੀ ਛਾਪ ਹੱਥੋ ਹੱਥ ਵਿਕ ਗਈ ਹੈ। ਵਿਦਵਾਨਾਂ ਨੇ ਮੰਗ ਕੀਤੀ ਕਿ ਇਸ ਦਾ ਅਨੁਵਾਦ ਹੋਰ ਭਾਸ਼ਾਵਾਂ ਵਿੱਚ ਵੀ ਕਰਵਾਇਆ ਜਾਵੇ ਤਾਂ ਜੋ ਦੁਨੀਆ ਭਰ ਦੇ ਪਾਠਕ ਇਸ ਅਮਰ ਗਾਥਾ ਤੋਂ ਜਾਣੂ ਹੋ ਸਕਣ।
ਦਰਬਾਰ ਇਲੈਕਟ੍ਰਿਕ ਮੰਡੀਆਂ ਦੇ ਦੁਕਾਨਦਾਰਾਂ ਵੱਲੋਂ ਸ਼ਹੀਦੀ ਦਿਹਾੜੇ ਨੂੰ ਸਮਰਪਿਤ ਠੰਢੇ ਮਿੱਠੇ ਜਲ ਦੀ ਛਬੀਲ
ਅੰਮ੍ਰਿਤਸਰ 09 ਜੂਨ (ਪਹਿਰੇਦਾਰ ਬਿਊਰੋ) : ਸ਼ਹੀਦੀ ਦਿਹਾੜੇ ਨੂੰ ਸਮਰਪਿਤ ਦਰਬਾਰ ਇਲੈਕਟ੍ਰਿਕ ਮੰਡੀਆਂ ਦੇ ਦੁਕਾਨਦਾਰਾਂ ਵੱਲੋਂ ਠੰਢੇ ਮਿੱਠੇ ਜਲ ਦੀ ਛਬੀਲ ਲਗਾਈ ਗਈ। ਇਸ ਮੌਕੇ ਵੱਡੀ ਗਿਣਤੀ ਵਿੱਚ ਸੰਗਤਾਂ ਨੇ ਸੇਵਾ ਵਿੱਚ ਹਿੱਸਾ ਲਿਆ। ਸੇਵਾਦਾਰਾਂ ਨੇ ਰਾਹਗੀਰਾਂ ਨੂੰ ਪਿਆਰ ਸਤਿਕਾਰ ਨਾਲ ਜਲ ਛਕਾਇਆ।
ਸੇਵਾਦਾਰਾਂ ਨੇ ਰਾਹਗੀਰਾਂ ਨੂੰ ਪਿਆਰ ਸਤਿਕਾਰ ਨਾਲ ਜਲ ਛਕਾਇਆ। ਇਸ ਮੌਕੇ ਗੁਰਬਾਣੀ ਕੀਰਤਨ ਵੀ ਹੋਇਆ ਅਤੇ ਗੁਰੂ ਕਾ ਲੰਗਰ ਅਤੁੱਟ ਵਰਤਾਇਆ ਗਿਆ। ਪ੍ਰਬੰਧਕਾਂ ਨੇ ਦੱਸਿਆ ਕਿ ਇਹ ਸੇਵਾ ਹਰ ਸਾਲ ਸ਼ਰਧਾ ਭਾਵਨਾ ਨਾਲ ਨਿਭਾਈ ਜਾਂਦੀ ਹੈ। ਮੰਡੀ ਦੇ ਸਮੂਹ ਦੁਕਾਨਦਾਰਾਂ, ਨੌਜਵਾਨਾਂ ਅਤੇ ਬਜ਼ੁਰਗਾਂ ਨੇ ਰਲ ਮਿਲ ਕੇ ਸੇਵਾ ਕੀਤੀ। ਸੰਗਤਾਂ ਨੇ ਸਰਬੱਤ ਦੇ ਭਲੇ ਦੀ ਅਰਦਾਸ ਕੀਤੀ। ਇਸ ਮੌਕੇ ਇਲਾਕੇ ਦੀਆਂ ਪ੍ਰਮੁੱਖ ਸ਼ਖ਼ਸੀਅਤਾਂ ਵੀ ਹਾਜ਼ਰ ਸਨ।
10 ਸੀਟਾਂ 'ਤੇ ਜ਼ਮਾਨਤਾਂ ਜਬਤ ਕਰਾ ਕੇ ਵੀ ਬਾਦਲਾਂ ਨੂੰ ਅਕਲ ਨਾ ਆਈ
ਬਾਦਲ ਦਲ ਦਾ ਭੋਗ ਅਵੱਸ਼ ਪਵੇਗਾ, ਬਾਦਲਾਂ ਦਾ ਕੱਖ ਨਹੀਂ ਰਹੇਗਾ
ਇਸ ਵਾਰ ਲੋਕ ਸਭਾ ਚੋਣਾਂ ਵਿੱਚ 10 ਸੀਟਾਂ ਉੱਤੇ ਜ਼ਮਾਨਤਾਂ ਜ਼ਬਤ ਹੋਣ ਦੇ ਬਾਵਜੂਦ ਬਾਦਲ ਦਲ ਦੀ ਲੀਡਰਸ਼ਿਪ ਨੇ ਕੋਈ ਸਬਕ ਨਹੀਂ ਸਿੱਖਿਆ। ਪੰਥਕ ਵੋਟ ਬੈਂਕ ਲਗਾਤਾਰ ਖਿਸਕਦਾ ਜਾ ਰਿਹਾ ਹੈ। ਜਿਹੜੀ ਪਾਰਟੀ ਕਦੇ ਪੰਜਾਬ ਦੀ ਸਿਰਮੌਰ ਪੰਥਕ ਜਮਾਤ ਅਖਵਾਉਂਦੀ ਸੀ ਉਹ ਅੱਜ ਆਪਣੀ ਹੋਂਦ ਬਚਾਉਣ ਲਈ ਜੂਝ ਰਹੀ ਹੈ। ਸ੍ਰੀ ਅਕਾਲ ਤਖ਼ਤ ਸਾਹਿਬ ਤੋਂ ਮੁਆਫ਼ੀ ਮੰਗਣ ਦੇ ਬਾਵਜੂਦ ਸੰਗਤਾਂ ਦਾ ਰੋਹ ਸ਼ਾਂਤ ਨਹੀਂ ਹੋਇਆ। ਬੇਅਦਬੀ ਦੀਆਂ ਘਟਨਾਵਾਂ ਦਾ ਇਨਸਾਫ਼ ਨਾ ਦਿਵਾਉਣਾ ਵੱਡੀ ਭੁੱਲ ਸਾਬਤ ਹੋਇਆ। ਡੇਰਾ ਮੁਖੀ ਨੂੰ ਮੁਆਫ਼ੀ ਦਿਵਾਉਣ ਦਾ ਫੈਸਲਾ ਪਾਰਟੀ ਦੇ ਗਲ਼ ਦੀ ਹੱਡੀ ਬਣ ਗਿਆ। ਟਕਸਾਲੀ ਆਗੂ ਇੱਕ ਇੱਕ ਕਰਕੇ ਪਾਰਟੀ ਛੱਡ ਗਏ। ਨੌਜਵਾਨ ਲੀਡਰਸ਼ਿਪ ਨੂੰ ਅੱਗੇ ਆਉਣ ਦਾ ਮੌਕਾ ਨਹੀਂ ਦਿੱਤਾ ਗਿਆ। ਪਰਿਵਾਰਵਾਦ ਦੀ ਸਿਆਸਤ ਨੇ ਪਾਰਟੀ ਨੂੰ ਖੋਖਲਾ ਕਰ ਦਿੱਤਾ। ਪੰਥਕ ਸਿਆਸਤ ਵਿੱਚ ਖਲਾਅ ਪੈਦਾ ਹੋ ਚੁੱਕਾ ਹੈ ਜਿਸ ਨੂੰ ਭਰਨ ਲਈ ਨਵੀਆਂ ਧਿਰਾਂ ਅੱਗੇ ਆ ਰਹੀਆਂ ਹਨ। ਖਡੂਰ ਸਾਹਿਬ ਅਤੇ ਫਰੀਦਕੋਟ ਦੇ ਨਤੀਜਿਆਂ ਨੇ ਸਭ ਨੂੰ ਹੈਰਾਨ ਕਰ ਦਿੱਤਾ। ਸੰਗਤਾਂ ਨੇ ਸਾਫ਼ ਕਰ ਦਿੱਤਾ ਕਿ ਪੰਥ ਦਾ ਦਰਦ ਰੱਖਣ ਵਾਲਿਆਂ ਨੂੰ ਹੀ ਹੁਣ ਹਮਾਇਤ ਮਿਲੇਗੀ।
2017, 2019, 2022 ਅਤੇ 2024 ਦੀਆਂ ਚੋਣਾਂ ਦੇ ਅੰਕੜੇ ਗਵਾਹ ਹਨ ਕਿ ਵੋਟ ਫ਼ੀਸਦੀ ਲਗਾਤਾਰ ਡਿੱਗਦੀ ਗਈ ਹੈ। ਲੋਕਾਂ ਦਾ ਵਿਸ਼ਵਾਸ ਮੁੜ ਹਾਸਲ ਕਰਨ ਲਈ ਨਿਮਰਤਾ ਨਾਲ ਪਿੰਡ-ਪਿੰਡ ਜਾਣਾ ਪਵੇਗਾ। ਸਿਆਣੇ ਕਹਿੰਦੇ ਹਨ ਕਿ ਜਿਹੜਾ ਦਰਖ਼ਤ ਜੜ੍ਹੋਂ ਸੁੱਕ ਜਾਵੇ ਉਸ ਨੂੰ ਪਾਣੀ ਦੇਣ ਦਾ ਕੋਈ ਲਾਭ ਨਹੀਂ ਹੁੰਦਾ। ਬਾਦਲ ਪਰਿਵਾਰ ਨੂੰ ਚਾਹੀਦਾ ਹੈ ਕਿ ਉਹ ਸੱਤਾ ਦਾ ਮੋਹ ਛੱਡ ਕੇ ਸੇਵਾ ਦੀ ਭਾਵਨਾ ਨਾਲ ਪੰਥ ਦੇ ਚਰਨਾਂ ਵਿੱਚ ਹਾਜ਼ਰ ਹੋਵੇ। ਜੇ ਹੁਣ ਵੀ ਅਕਲ ਨਾ ਆਈ ਤਾਂ ਇਤਿਹਾਸ ਕਦੇ ਮੁਆਫ਼ ਨਹੀਂ ਕਰੇਗਾ। ਬਾਦਲ ਦਲ ਦਾ ਭੋਗ ਅਵੱਸ਼ ਪਵੇਗਾ ਅਤੇ ਬਾਦਲਾਂ ਦਾ ਕੱਖ ਨਹੀਂ ਰਹੇਗਾ, ਇਹ ਲੋਕਾਂ ਦੀ ਆਵਾਜ਼ ਬਣ ਚੁੱਕੀ ਹੈ।
- ਰਣਜੀਤ ਸਿੰਘ ਦਮਦਮੀ ਟਕਸਾਲ
(ਪ੍ਰਧਾਨ ਸਿੱਖ ਯੂਥ ਫੈਡਰੇਸ਼ਨ ਭਿੰਡਰਾਂਵਾਲਾ)
ਮੋ: 88722-93883
